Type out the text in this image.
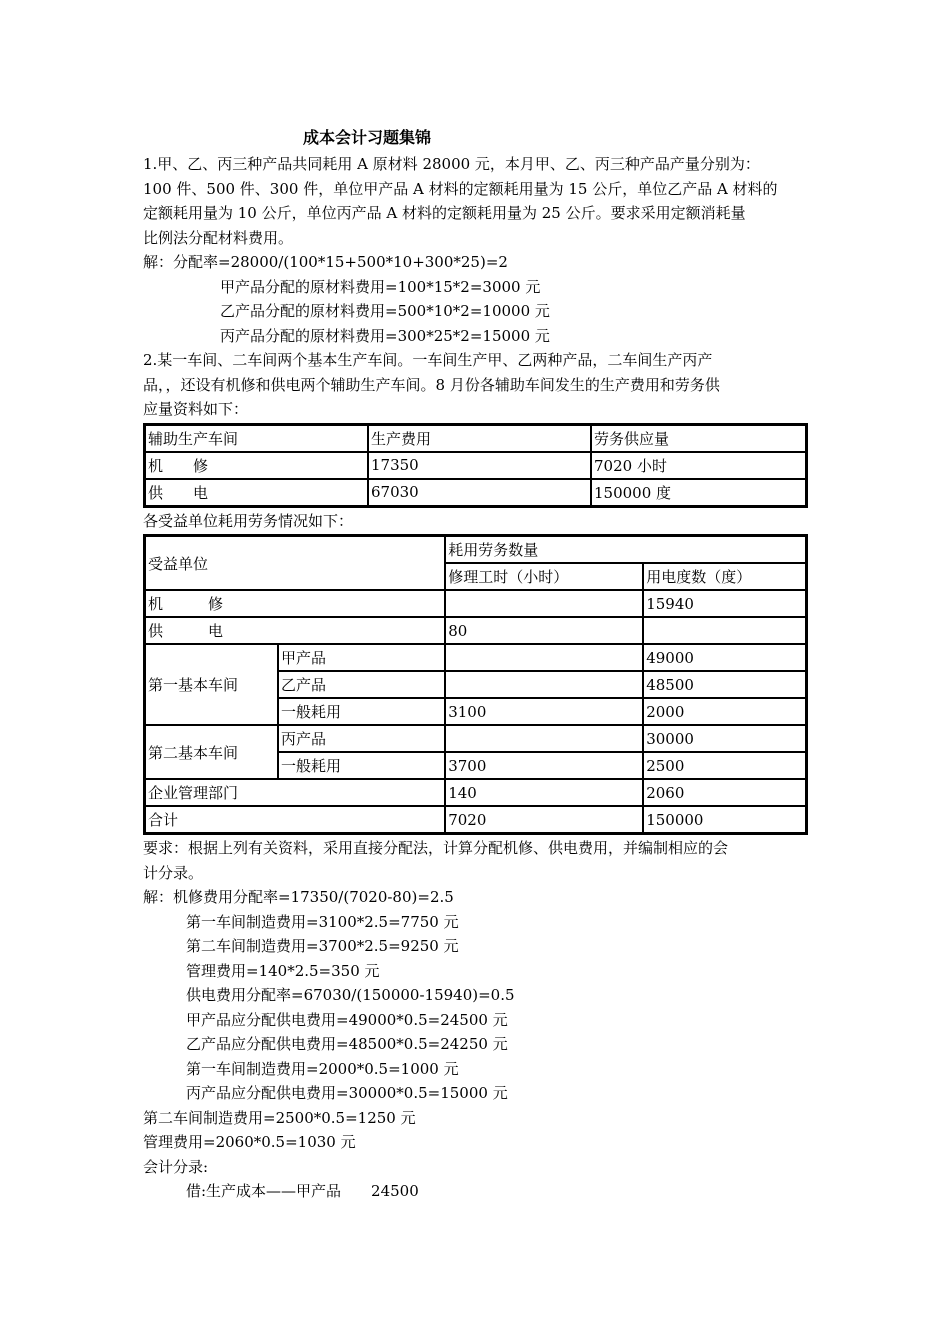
成本会计习题集锦

1.甲、乙、丙三种产品共同耗用 A 原材料 28000 元，本月甲、乙、丙三种产品产量分别为：

100 件、500 件、300 件，单位甲产品 A 材料的定额耗用量为 15 公斤，单位乙产品 A 材料的

定额耗用量为 10 公斤，单位丙产品 A 材料的定额耗用量为 25 公斤。要求采用定额消耗量

比例法分配材料费用。

解：分配率=28000/(100*15+500*10+300*25)=2

甲产品分配的原材料费用=100*15*2=3000 元

乙产品分配的原材料费用=500*10*2=10000 元

丙产品分配的原材料费用=300*25*2=15000 元

2.某一车间、二车间两个基本生产车间。一车间生产甲、乙两种产品，二车间生产丙产

品，，还设有机修和供电两个辅助生产车间。8 月份各辅助车间发生的生产费用和劳务供

应量资料如下：

辅助生产车间	生产费用	劳务供应量
机　　修	17350	7020 小时
供　　电	67030	150000 度

各受益单位耗用劳务情况如下：

受益单位		耗用劳务数量	
		修理工时（小时）	用电度数（度）
机　　　修			15940
供　　　电		80	
第一基本车间	甲产品		49000
	乙产品		48500
	一般耗用	3100	2000
第二基本车间	丙产品		30000
	一般耗用	3700	2500
企业管理部门		140	2060
合计		7020	150000

要求：根据上列有关资料，采用直接分配法，计算分配机修、供电费用，并编制相应的会

计分录。

解：机修费用分配率=17350/(7020-80)=2.5

第一车间制造费用=3100*2.5=7750 元

第二车间制造费用=3700*2.5=9250 元

管理费用=140*2.5=350 元

供电费用分配率=67030/(150000-15940)=0.5

甲产品应分配供电费用=49000*0.5=24500 元

乙产品应分配供电费用=48500*0.5=24250 元

第一车间制造费用=2000*0.5=1000 元

丙产品应分配供电费用=30000*0.5=15000 元

第二车间制造费用=2500*0.5=1250 元

管理费用=2060*0.5=1030 元

会计分录:

借:生产成本——甲产品　　24500
